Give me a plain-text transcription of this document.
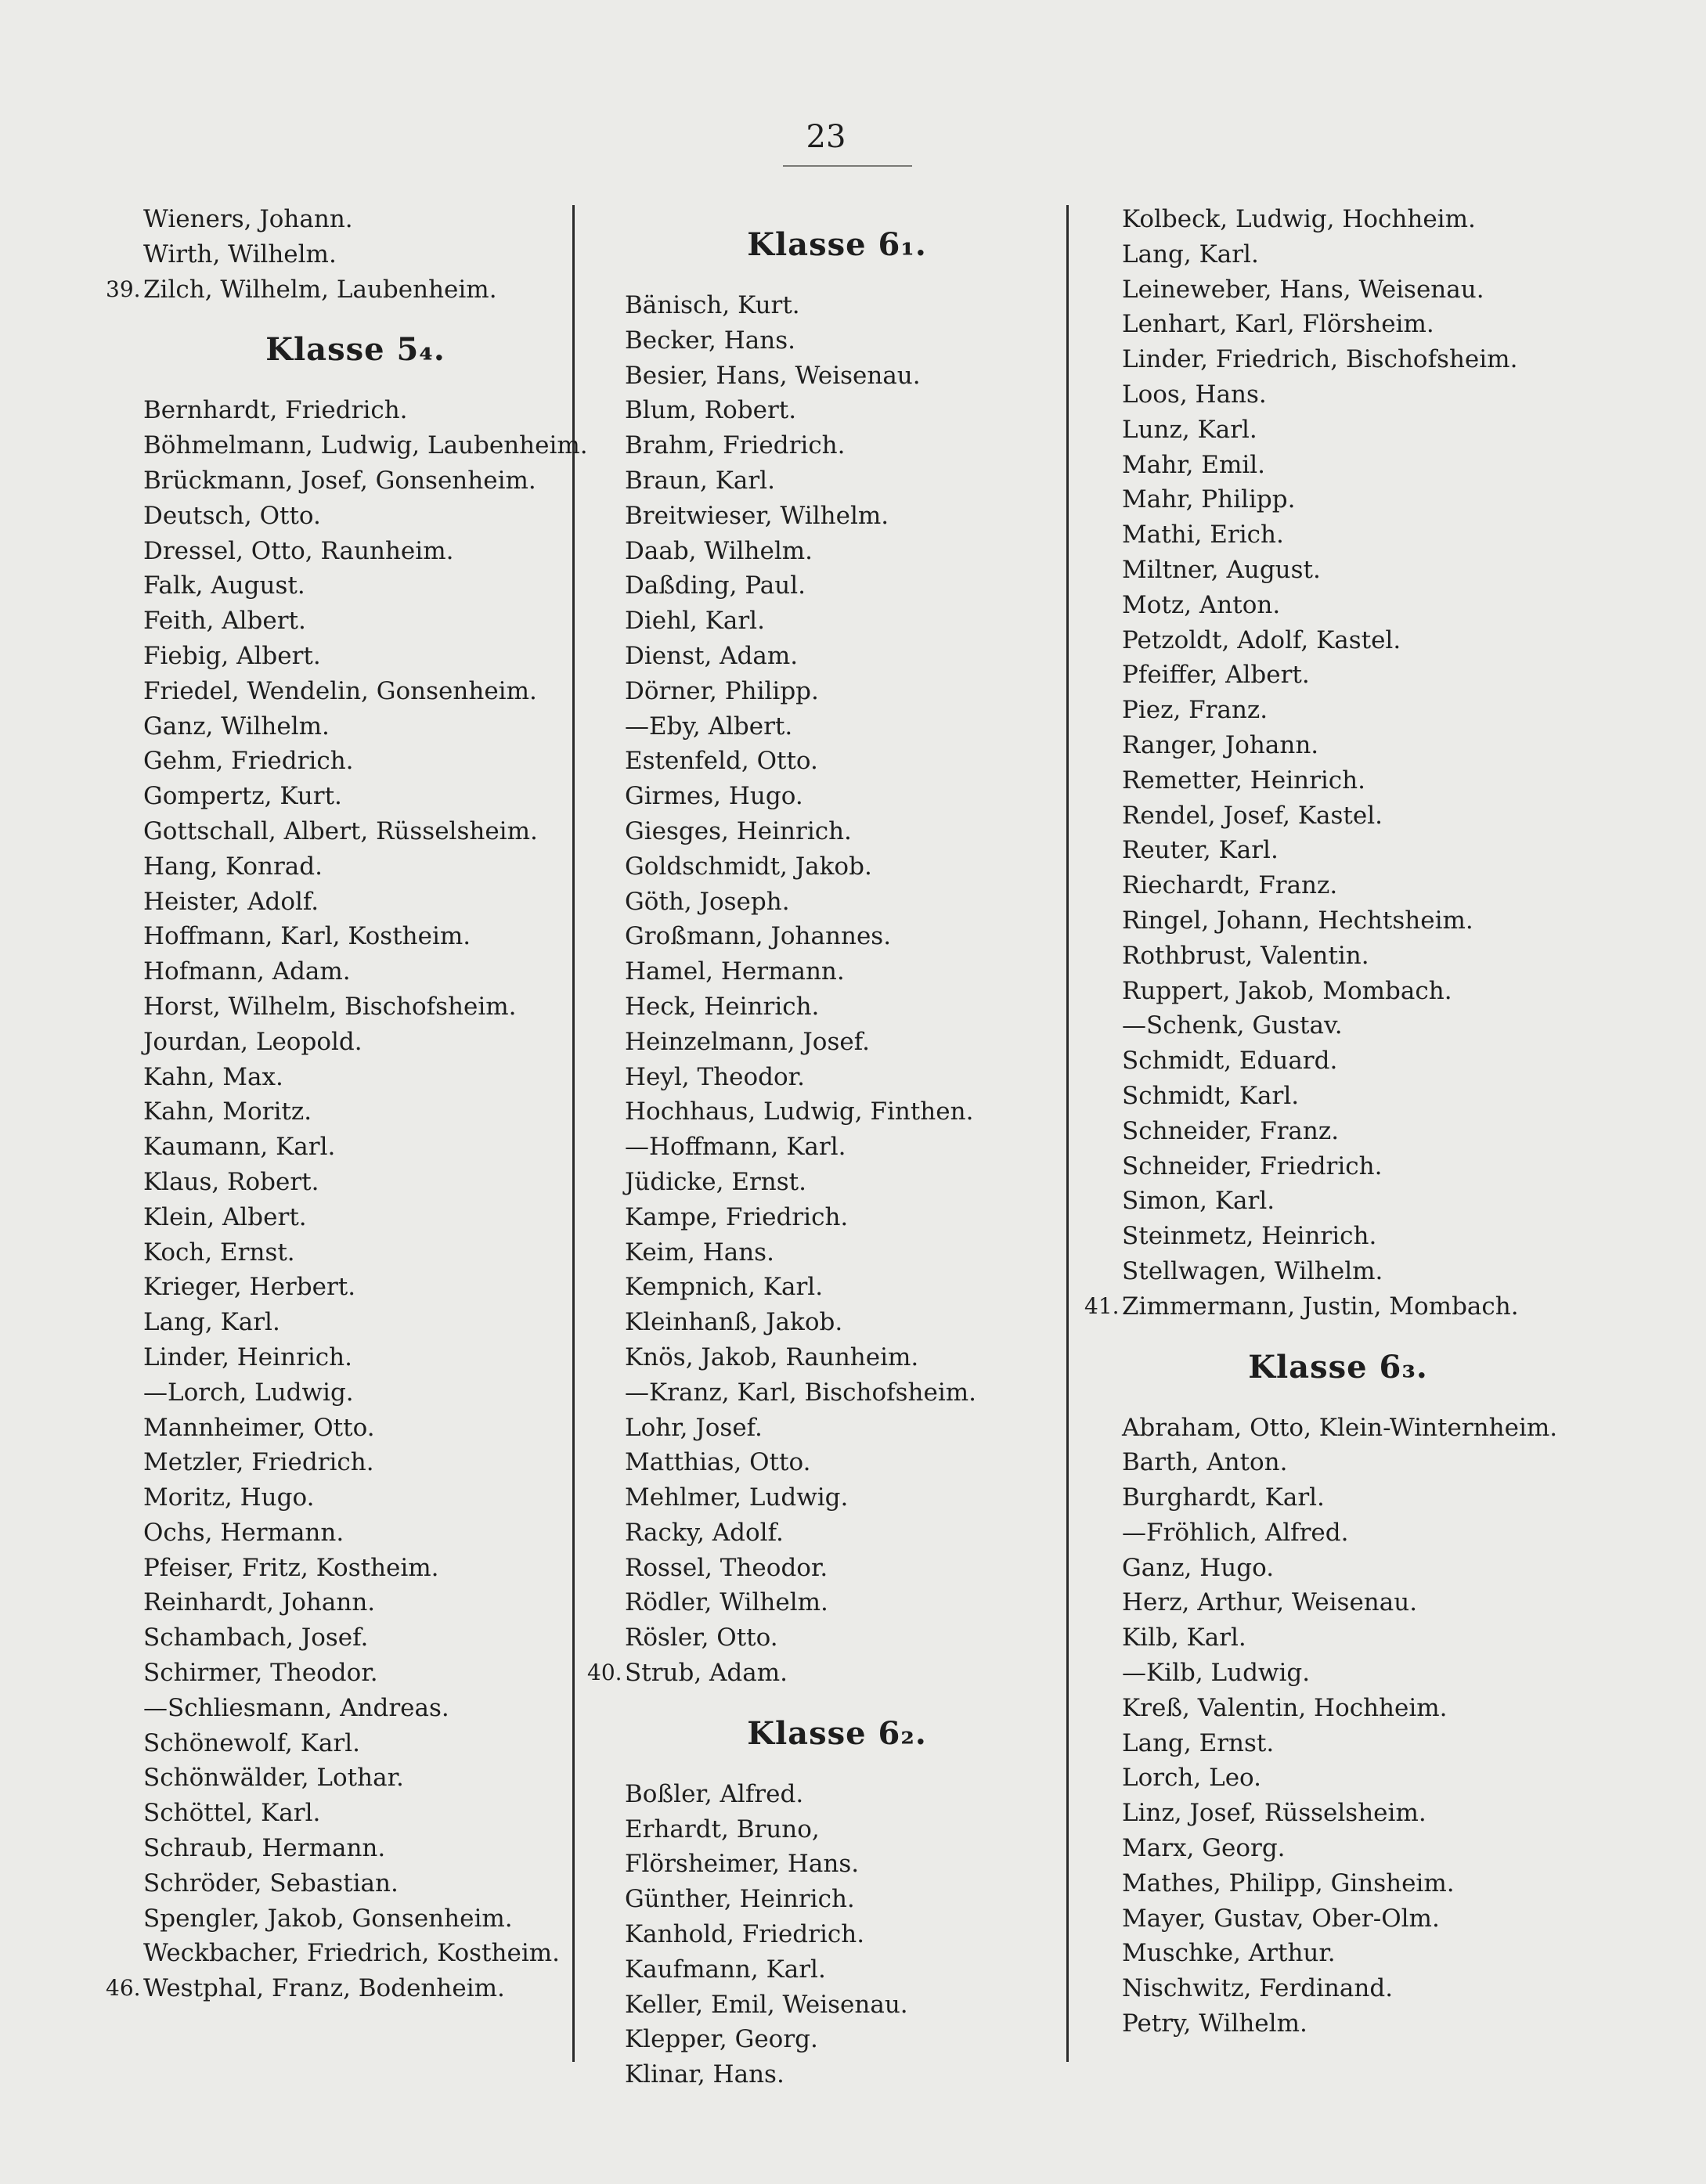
23
Wieners, Johann.
Wirth, Wilhelm.
39. Zilch, Wilhelm, Laubenheim.
Klasse 5₄.
Bernhardt, Friedrich.
Böhmelmann, Ludwig, Laubenheim.
Brückmann, Josef, Gonsenheim.
Deutsch, Otto.
Dressel, Otto, Raunheim.
Falk, August.
Feith, Albert.
Fiebig, Albert.
Friedel, Wendelin, Gonsenheim.
Ganz, Wilhelm.
Gehm, Friedrich.
Gompertz, Kurt.
Gottschall, Albert, Rüsselsheim.
Hang, Konrad.
Heister, Adolf.
Hoffmann, Karl, Kostheim.
Hofmann, Adam.
Horst, Wilhelm, Bischofsheim.
Jourdan, Leopold.
Kahn, Max.
Kahn, Moritz.
Kaumann, Karl.
Klaus, Robert.
Klein, Albert.
Koch, Ernst.
Krieger, Herbert.
Lang, Karl.
Linder, Heinrich.
—Lorch, Ludwig.
Mannheimer, Otto.
Metzler, Friedrich.
Moritz, Hugo.
Ochs, Hermann.
Pfeiser, Fritz, Kostheim.
Reinhardt, Johann.
Schambach, Josef.
Schirmer, Theodor.
—Schliesmann, Andreas.
Schönewolf, Karl.
Schönwälder, Lothar.
Schöttel, Karl.
Schraub, Hermann.
Schröder, Sebastian.
Spengler, Jakob, Gonsenheim.
Weckbacher, Friedrich, Kostheim.
46. Westphal, Franz, Bodenheim.
Klasse 6₁.
Bänisch, Kurt.
Becker, Hans.
Besier, Hans, Weisenau.
Blum, Robert.
Brahm, Friedrich.
Braun, Karl.
Breitwieser, Wilhelm.
Daab, Wilhelm.
Daßding, Paul.
Diehl, Karl.
Dienst, Adam.
Dörner, Philipp.
—Eby, Albert.
Estenfeld, Otto.
Girmes, Hugo.
Giesges, Heinrich.
Goldschmidt, Jakob.
Göth, Joseph.
Großmann, Johannes.
Hamel, Hermann.
Heck, Heinrich.
Heinzelmann, Josef.
Heyl, Theodor.
Hochhaus, Ludwig, Finthen.
—Hoffmann, Karl.
Jüdicke, Ernst.
Kampe, Friedrich.
Keim, Hans.
Kempnich, Karl.
Kleinhanß, Jakob.
Knös, Jakob, Raunheim.
—Kranz, Karl, Bischofsheim.
Lohr, Josef.
Matthias, Otto.
Mehlmer, Ludwig.
Racky, Adolf.
Rossel, Theodor.
Rödler, Wilhelm.
Rösler, Otto.
40. Strub, Adam.
Klasse 6₂.
Boßler, Alfred.
Erhardt, Bruno,
Flörsheimer, Hans.
Günther, Heinrich.
Kanhold, Friedrich.
Kaufmann, Karl.
Keller, Emil, Weisenau.
Klepper, Georg.
Klinar, Hans.
Kolbeck, Ludwig, Hochheim.
Lang, Karl.
Leineweber, Hans, Weisenau.
Lenhart, Karl, Flörsheim.
Linder, Friedrich, Bischofsheim.
Loos, Hans.
Lunz, Karl.
Mahr, Emil.
Mahr, Philipp.
Mathi, Erich.
Miltner, August.
Motz, Anton.
Petzoldt, Adolf, Kastel.
Pfeiffer, Albert.
Piez, Franz.
Ranger, Johann.
Remetter, Heinrich.
Rendel, Josef, Kastel.
Reuter, Karl.
Riechardt, Franz.
Ringel, Johann, Hechtsheim.
Rothbrust, Valentin.
Ruppert, Jakob, Mombach.
—Schenk, Gustav.
Schmidt, Eduard.
Schmidt, Karl.
Schneider, Franz.
Schneider, Friedrich.
Simon, Karl.
Steinmetz, Heinrich.
Stellwagen, Wilhelm.
41. Zimmermann, Justin, Mombach.
Klasse 6₃.
Abraham, Otto, Klein-Winternheim.
Barth, Anton.
Burghardt, Karl.
—Fröhlich, Alfred.
Ganz, Hugo.
Herz, Arthur, Weisenau.
Kilb, Karl.
—Kilb, Ludwig.
Kreß, Valentin, Hochheim.
Lang, Ernst.
Lorch, Leo.
Linz, Josef, Rüsselsheim.
Marx, Georg.
Mathes, Philipp, Ginsheim.
Mayer, Gustav, Ober-Olm.
Muschke, Arthur.
Nischwitz, Ferdinand.
Petry, Wilhelm.
